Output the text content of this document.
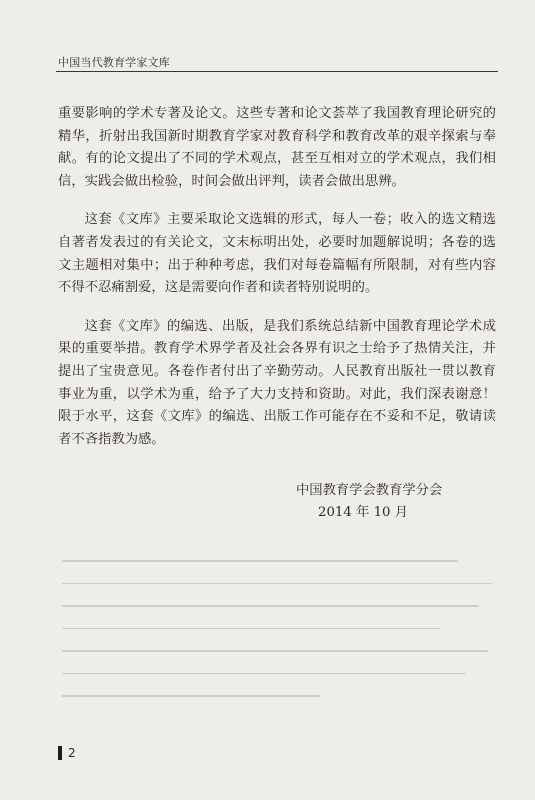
中国当代教育学家文库

重要影响的学术专著及论文。这些专著和论文荟萃了我国教育理论研究的精华，折射出我国新时期教育学家对教育科学和教育改革的艰辛探索与奉献。有的论文提出了不同的学术观点，甚至互相对立的学术观点，我们相信，实践会做出检验，时间会做出评判，读者会做出思辨。

这套《文库》主要采取论文选辑的形式，每人一卷；收入的选文精选自著者发表过的有关论文，文末标明出处，必要时加题解说明；各卷的选文主题相对集中；出于种种考虑，我们对每卷篇幅有所限制，对有些内容不得不忍痛割爱，这是需要向作者和读者特别说明的。

这套《文库》的编选、出版，是我们系统总结新中国教育理论学术成果的重要举措。教育学术界学者及社会各界有识之士给予了热情关注，并提出了宝贵意见。各卷作者付出了辛勤劳动。人民教育出版社一贯以教育事业为重，以学术为重，给予了大力支持和资助。对此，我们深表谢意！限于水平，这套《文库》的编选、出版工作可能存在不妥和不足，敬请读者不吝指教为感。

中国教育学会教育学分会
2014 年 10 月
2
